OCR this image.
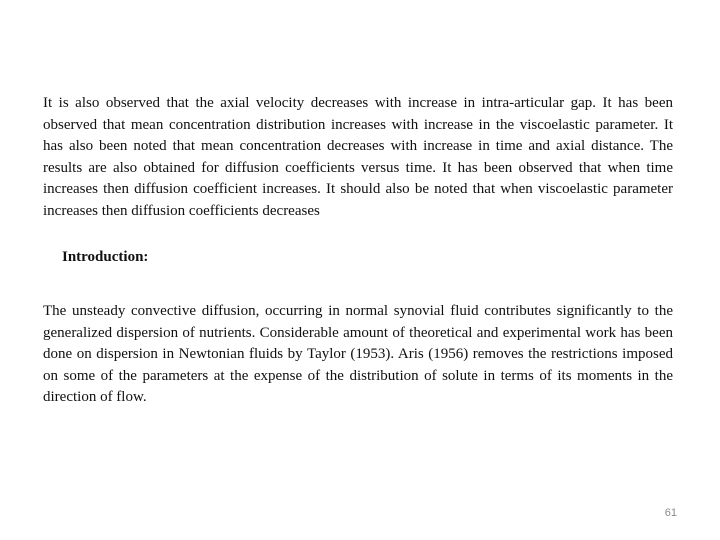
It is also observed that the axial velocity decreases with increase in intra-articular gap. It has been observed that mean concentration distribution increases with increase in the viscoelastic parameter. It has also been noted that mean concentration decreases with increase in time and axial distance. The results are also obtained for diffusion coefficients versus time. It has been observed that when time increases then diffusion coefficient increases. It should also be noted that when viscoelastic parameter increases then diffusion coefficients decreases

Introduction:

The unsteady convective diffusion, occurring in normal synovial fluid contributes significantly to the generalized dispersion of nutrients. Considerable amount of theoretical and experimental work has been done on dispersion in Newtonian fluids by Taylor (1953). Aris (1956) removes the restrictions imposed on some of the parameters at the expense of the distribution of solute in terms of its moments in the direction of flow.

61
